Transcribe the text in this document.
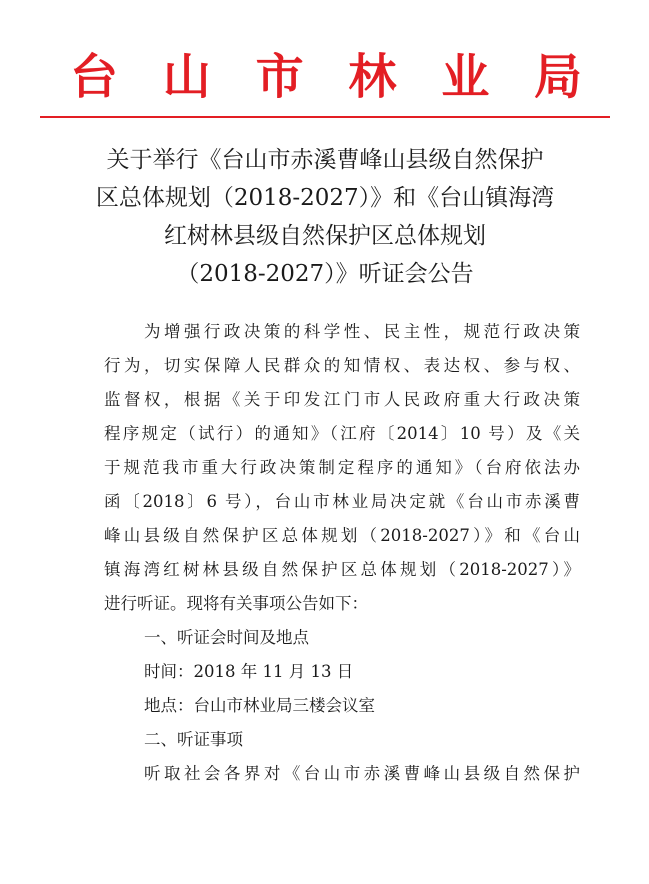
台 山 市 林 业 局
关于举行《台山市赤溪曹峰山县级自然保护
区总体规划（2018-2027）》和《台山镇海湾
红树林县级自然保护区总体规划
（2018-2027）》听证会公告
为增强行政决策的科学性、民主性，规范行政决策
行为，切实保障人民群众的知情权、表达权、参与权、
监督权，根据《关于印发江门市人民政府重大行政决策
程序规定（试行）的通知》（江府〔2014〕10 号）及《关
于规范我市重大行政决策制定程序的通知》（台府依法办
函〔2018〕6 号），台山市林业局决定就《台山市赤溪曹
峰山县级自然保护区总体规划（2018-2027）》和《台山
镇海湾红树林县级自然保护区总体规划（2018-2027）》
进行听证。现将有关事项公告如下：
一、听证会时间及地点
时间：2018 年 11 月 13 日
地点：台山市林业局三楼会议室
二、听证事项
听取社会各界对《台山市赤溪曹峰山县级自然保护
